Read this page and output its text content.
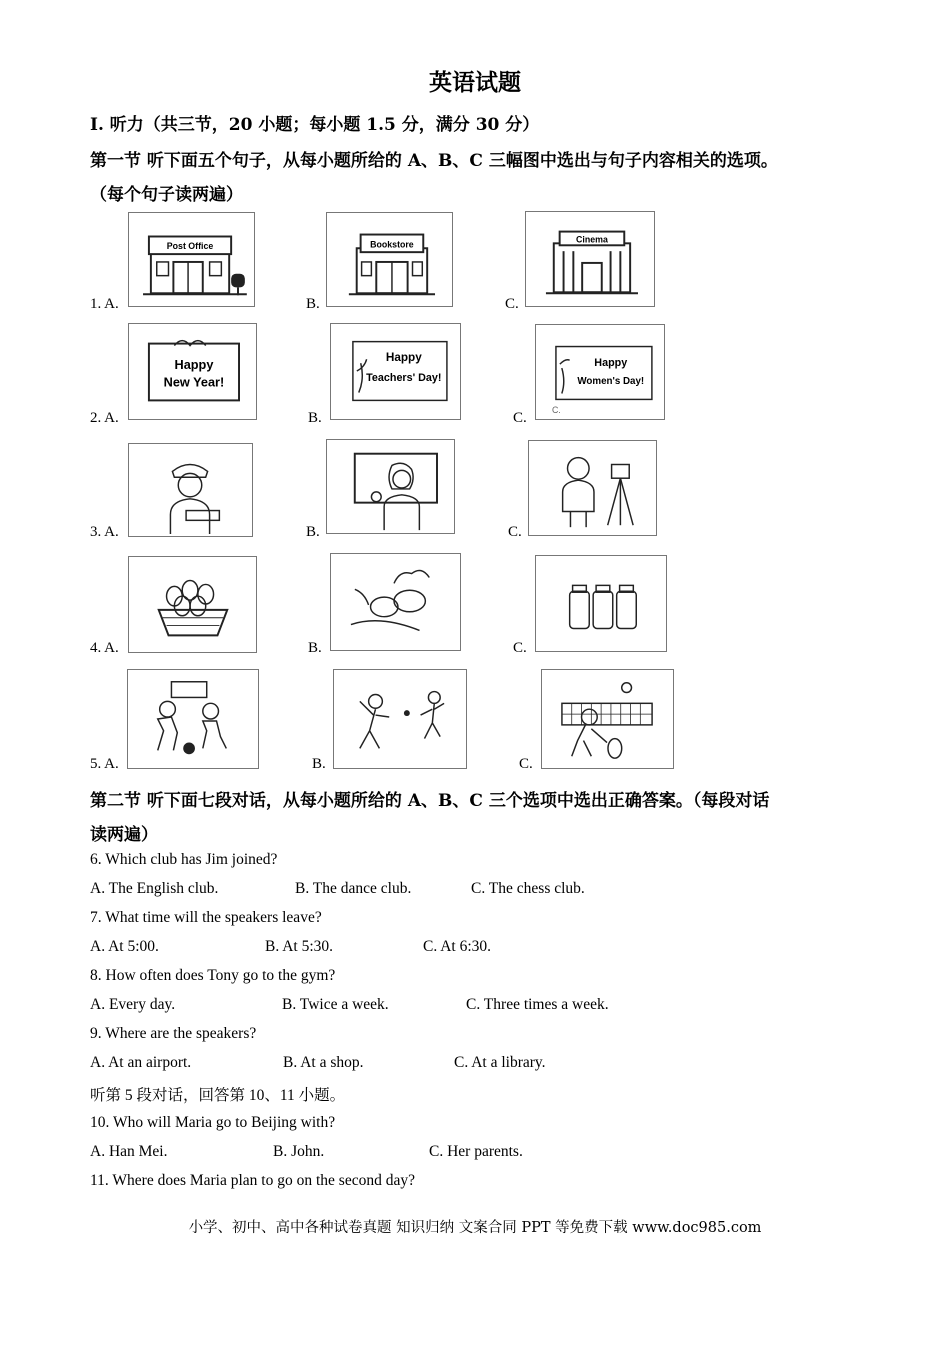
英语试题
Ⅰ. 听力（共三节，20 小题；每小题 1.5 分，满分 30 分）
第一节 听下面五个句子，从每小题所给的 A、B、C 三幅图中选出与句子内容相关的选项。
（每个句子读两遍）
1. A.
Post Office
B.
Bookstore
C.
Cinema
2. A.
Happy
New Year!
B.
Happy
Teachers' Day!
C.
Happy
Women's Day!
C.
3. A.	B.	C.
4. A.	B.	C.
5. A.	B.	C.
第二节 听下面七段对话，从每小题所给的 A、B、C 三个选项中选出正确答案。（每段对话
读两遍）
6. Which club has Jim joined?
A. The English club.	B. The dance club.	C. The chess club.
7. What time will the speakers leave?
A. At 5:00.	B. At 5:30.	C. At 6:30.
8. How often does Tony go to the gym?
A. Every day.	B. Twice a week.	C. Three times a week.
9. Where are the speakers?
A. At an airport.	B. At a shop.	C. At a library.
听第 5 段对话，回答第 10、11 小题。
10. Who will Maria go to Beijing with?
A. Han Mei.	B. John.	C. Her parents.
11. Where does Maria plan to go on the second day?
小学、初中、高中各种试卷真题 知识归纳 文案合同 PPT 等免费下载 www.doc985.com
